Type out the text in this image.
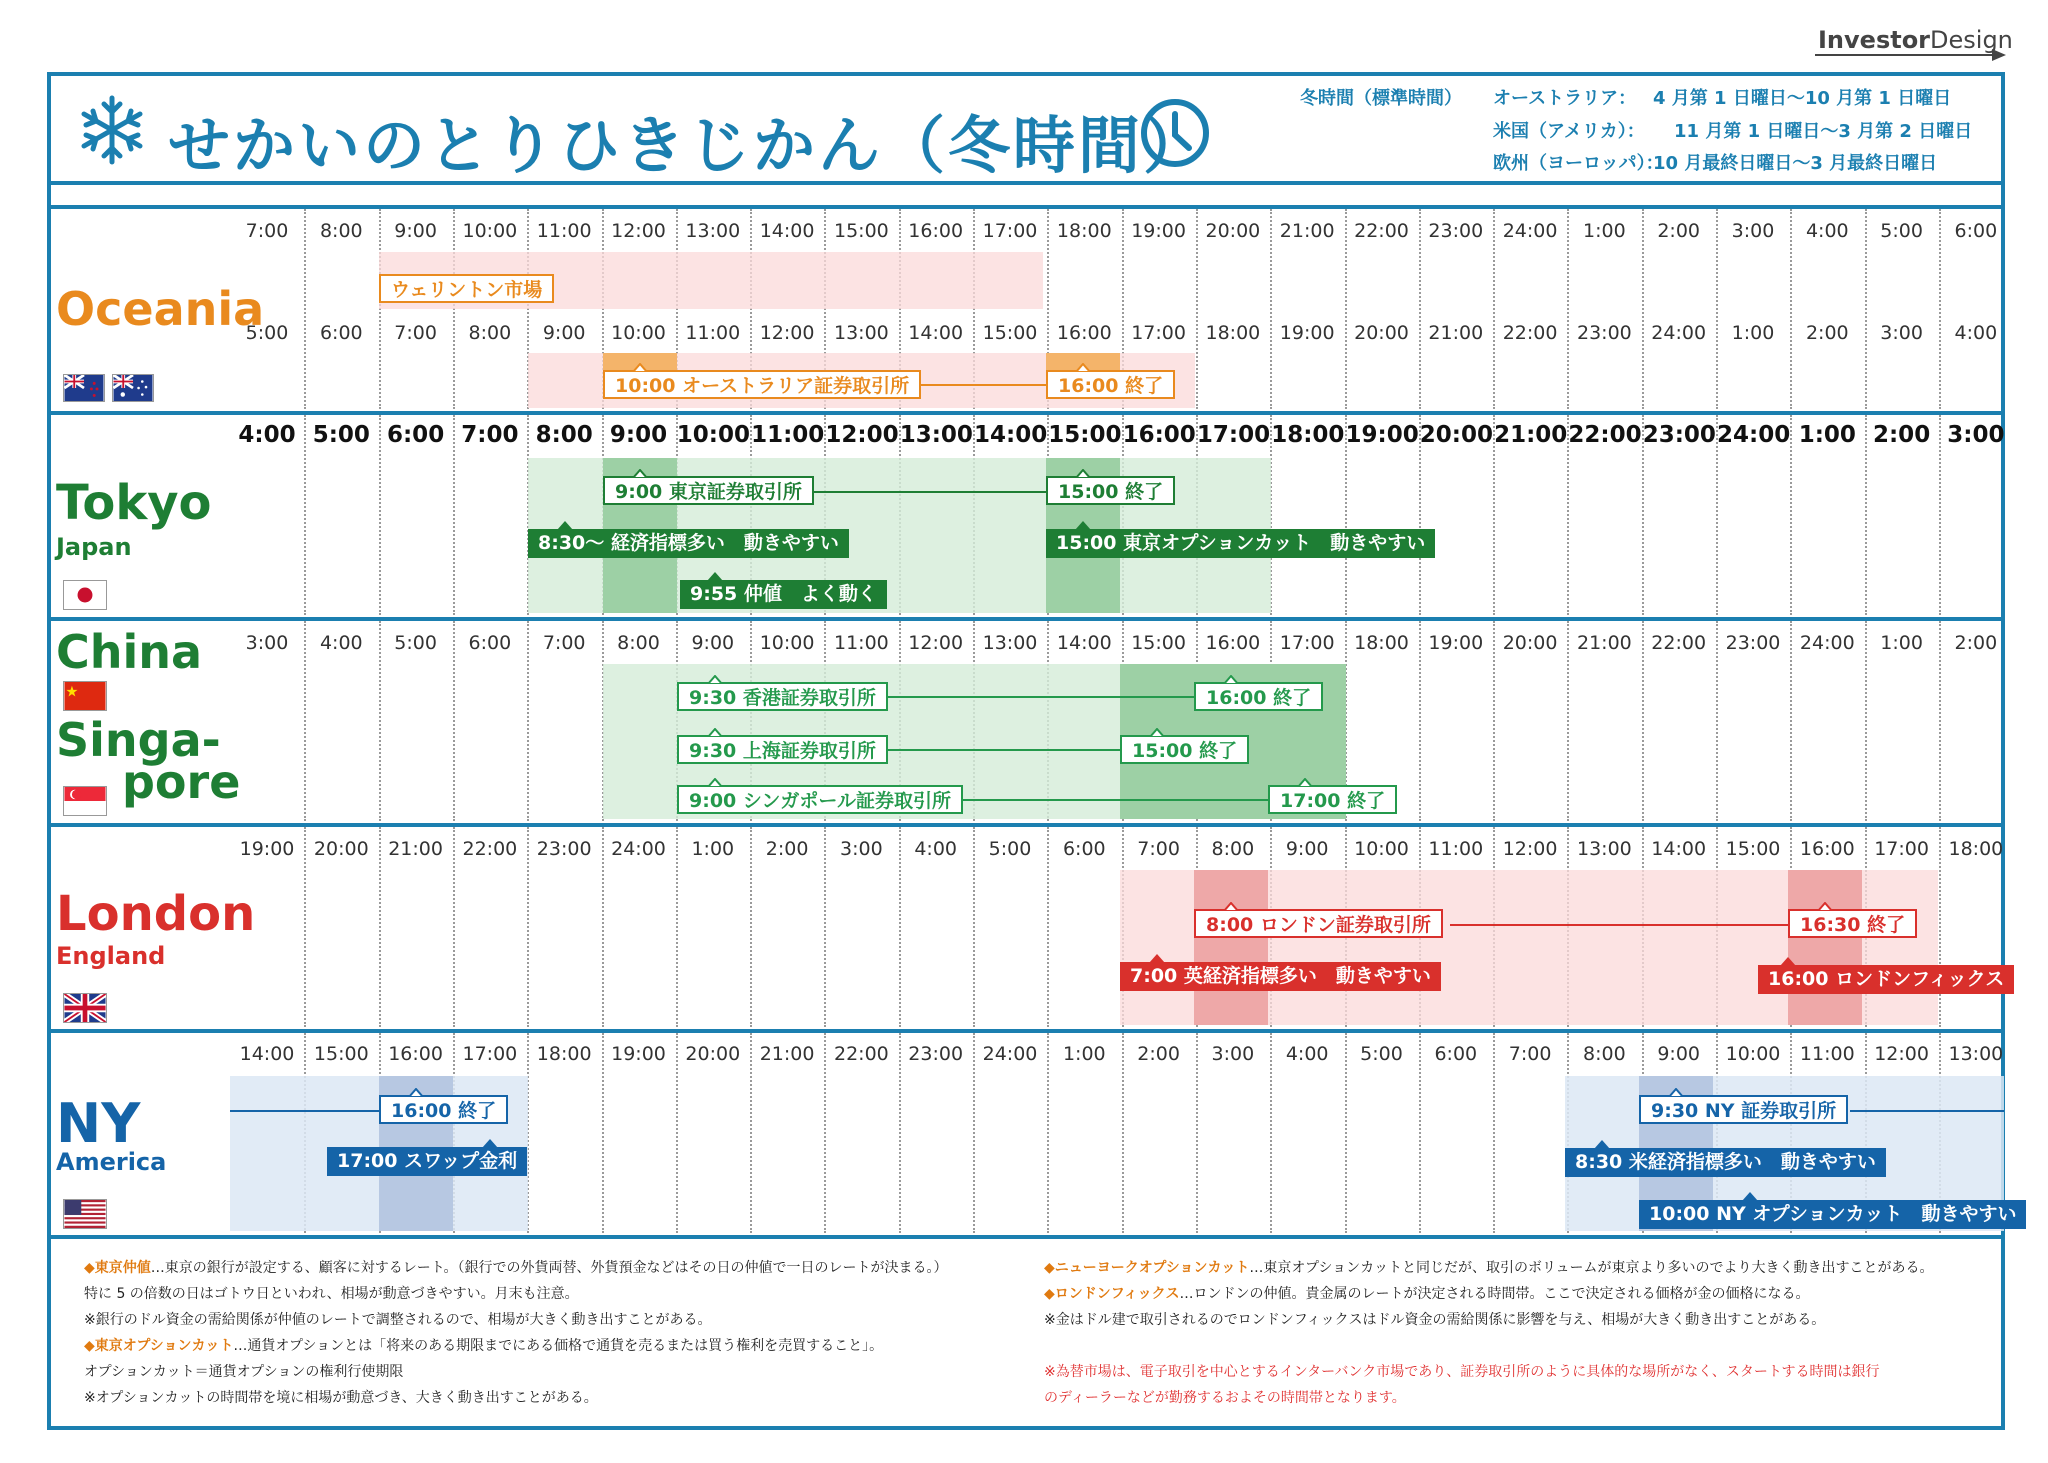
InvestorDesign
せかいのとりひきじかん（冬時間）
冬時間（標準時間） オーストラリア： 4 月第 1 日曜日〜10 月第 1 日曜日
米国（アメリカ）： 11 月第 1 日曜日〜3 月第 2 日曜日
欧州（ヨーロッパ）：
10 月最終日曜日〜3 月最終日曜日
7:00	8:00	9:00	10:00	11:00	12:00	13:00	14:00	15:00	16:00	17:00	18:00	19:00	20:00	21:00	22:00	23:00	24:00	1:00	2:00	3:00	4:00	5:00	6:00
5:00	6:00	7:00	8:00	9:00	10:00	11:00	12:00	13:00	14:00	15:00	16:00	17:00	18:00	19:00	20:00	21:00	22:00	23:00	24:00	1:00	2:00	3:00	4:00
ウェリントン市場
10:00 オーストラリア証券取引所	16:00 終了
Oceania
4:00 5:00 6:00 7:00 8:00 9:00 10:00 11:00 12:00 13:00 14:00 15:00 16:00 17:00 18:00 19:00 20:00 21:00 22:00 23:00 24:00 1:00 2:00 3:00
9:00 東京証券取引所	15:00 終了
8:30〜 経済指標多い　動きやすい	15:00 東京オプションカット　動きやすい
9:55 仲値　よく動く
Tokyo
Japan
3:00	4:00	5:00	6:00	7:00	8:00	9:00	10:00	11:00	12:00	13:00	14:00	15:00	16:00	17:00	18:00	19:00	20:00	21:00	22:00	23:00	24:00	1:00	2:00
9:30 香港証券取引所	16:00 終了
9:30 上海証券取引所	15:00 終了
9:00 シンガポール証券取引所	17:00 終了
China
Singa-
pore
19:00	20:00	21:00	22:00	23:00	24:00	1:00	2:00	3:00	4:00	5:00	6:00	7:00	8:00	9:00	10:00	11:00	12:00	13:00	14:00	15:00	16:00	17:00	18:00
8:00 ロンドン証券取引所	16:30 終了
7:00 英経済指標多い　動きやすい	16:00 ロンドンフィックス
London
England
14:00	15:00	16:00	17:00	18:00	19:00	20:00	21:00	22:00	23:00	24:00	1:00	2:00	3:00	4:00	5:00	6:00	7:00	8:00	9:00	10:00	11:00	12:00	13:00
16:00 終了
17:00 スワップ金利
9:30 NY 証券取引所
8:30 米経済指標多い　動きやすい
10:00 NY オプションカット　動きやすい
NY
America
◆東京仲値…東京の銀行が設定する、顧客に対するレート。（銀行での外貨両替、外貨預金などはその日の仲値で一日のレートが決まる。）
特に 5 の倍数の日はゴトウ日といわれ、相場が動意づきやすい。月末も注意。
※銀行のドル資金の需給関係が仲値のレートで調整されるので、相場が大きく動き出すことがある。
◆東京オプションカット…通貨オプションとは「将来のある期限までにある価格で通貨を売るまたは買う権利を売買すること」。
オプションカット＝通貨オプションの権利行使期限
※オプションカットの時間帯を境に相場が動意づき、大きく動き出すことがある。
◆ニューヨークオプションカット…東京オプションカットと同じだが、取引のボリュームが東京より多いのでより大きく動き出すことがある。
◆ロンドンフィックス…ロンドンの仲値。貴金属のレートが決定される時間帯。ここで決定される価格が金の価格になる。
※金はドル建で取引されるのでロンドンフィックスはドル資金の需給関係に影響を与え、相場が大きく動き出すことがある。
※為替市場は、電子取引を中心とするインターバンク市場であり、証券取引所のように具体的な場所がなく、スタートする時間は銀行
のディーラーなどが勤務するおよその時間帯となります。
